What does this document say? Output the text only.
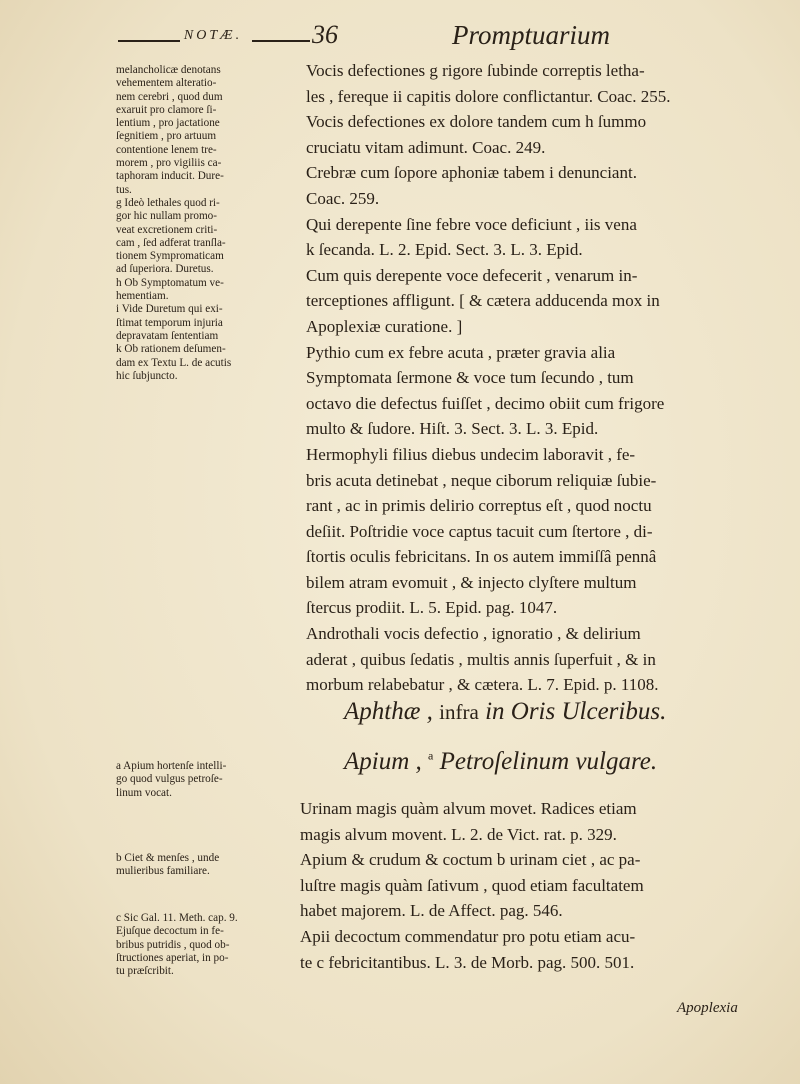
NOTÆ.	36	Promptuarium
melancholicæ denotans
vehementem alteratio-
nem cerebri , quod dum
exaruit pro clamore ſi-
lentium , pro jactatione
ſegnitiem , pro artuum
contentione lenem tre-
morem , pro vigiliis ca-
taphoram inducit. Dure-
tus.
g Ideò lethales quod ri-
gor hic nullam promo-
veat excretionem criti-
cam , ſed adferat tranſla-
tionem Sympromaticam
ad ſuperiora. Duretus.
h Ob Symptomatum ve-
hementiam.
i Vide Duretum qui exi-
ſtimat temporum injuria
depravatam ſententiam
k Ob rationem deſumen-
dam ex Textu L. de acutis
hic ſubjuncto.
Vocis defectiones g rigore ſubinde correptis letha-
les , fereque ii capitis dolore conflictantur. Coac. 255.
Vocis defectiones ex dolore tandem cum h ſummo
cruciatu vitam adimunt. Coac. 249.
Crebræ cum ſopore aphoniæ tabem i denunciant.
Coac. 259.
Qui derepente ſine febre voce deficiunt , iis vena
k ſecanda. L. 2. Epid. Sect. 3. L. 3. Epid.
Cum quis derepente voce defecerit , venarum in-
terceptiones affligunt. [ & cætera adducenda mox in
Apoplexiæ curatione. ]
Pythio cum ex febre acuta , præter gravia alia
Symptomata ſermone & voce tum ſecundo , tum
octavo die defectus fuiſſet , decimo obiit cum frigore
multo & ſudore. Hiſt. 3. Sect. 3. L. 3. Epid.
Hermophyli filius diebus undecim laboravit , fe-
bris acuta detinebat , neque ciborum reliquiæ ſubie-
rant , ac in primis delirio correptus eſt , quod noctu
deſiit. Poſtridie voce captus tacuit cum ſtertore , di-
ſtortis oculis febricitans. In os autem immiſſâ pennâ
bilem atram evomuit , & injecto clyſtere multum
ſtercus prodiit. L. 5. Epid. pag. 1047.
Androthali vocis defectio , ignoratio , & delirium
aderat , quibus ſedatis , multis annis ſuperfuit , & in
morbum relabebatur , & cætera. L. 7. Epid. p. 1108.
Aphthæ , infra in Oris Ulceribus.
Apium , $^a$ Petroſelinum vulgare.
a Apium hortenſe intelli-
go quod vulgus petroſe-
linum vocat.
b Ciet & menſes , unde
mulieribus familiare.
c Sic Gal. 11. Meth. cap. 9.
Ejuſque decoctum in fe-
bribus putridis , quod ob-
ſtructiones aperiat, in po-
tu præſcribit.
Urinam magis quàm alvum movet. Radices etiam
magis alvum movent. L. 2. de Vict. rat. p. 329.
Apium & crudum & coctum b urinam ciet , ac pa-
luſtre magis quàm ſativum , quod etiam facultatem
habet majorem. L. de Affect. pag. 546.
Apii decoctum commendatur pro potu etiam acu-
te c febricitantibus. L. 3. de Morb. pag. 500. 501.
Apoplexia
